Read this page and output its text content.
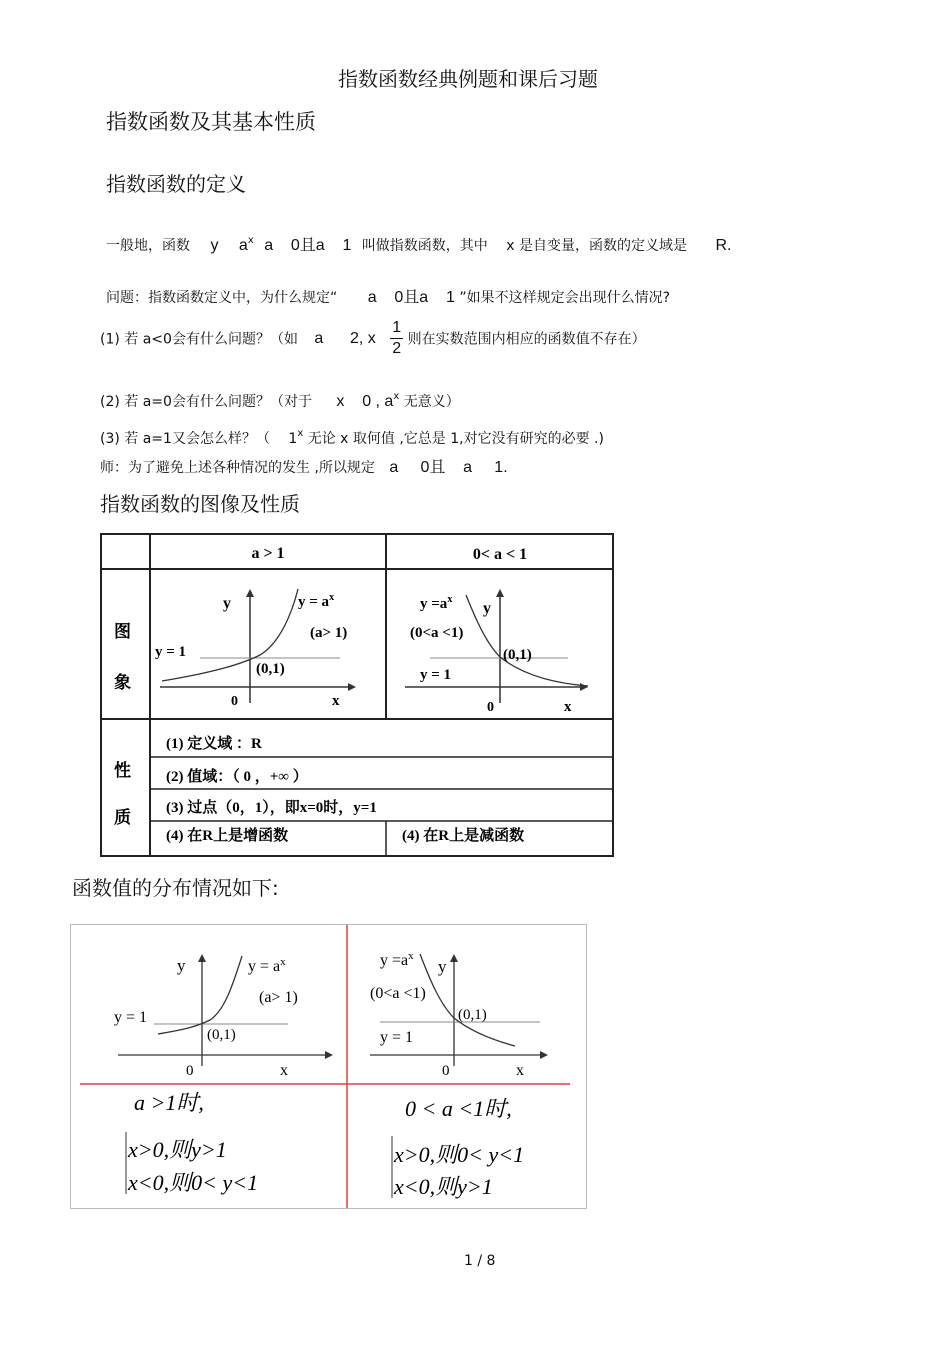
指数函数经典例题和课后习题
指数函数及其基本性质
指数函数的定义
一般地，函数 y $a^x$ a    0且a    1 叫做指数函数，其中 x 是自变量，函数的定义域是 R.
问题：指数函数定义中，为什么规定“ a    0且a    1 ”如果不这样规定会出现什么情况?
(1) 若 a<0会有什么问题？（如 a      2, x $\frac{1}{2}$ 则在实数范围内相应的函数值不存在）
(2) 若 a=0会有什么问题？（对于 x    0 , $a^x$ 无意义）
(3) 若 a=1又会怎么样？（ 1$^x$ 无论 x 取何值 ,它总是 1,对它没有研究的必要 .)
师：为了避免上述各种情况的发生 ,所以规定 a     0且    a     1.
指数函数的图像及性质
a > 1	0< a < 1
图
象
性
质
y
x
0
$y = a^x$
(a> 1)
y = 1
(0,1)
$y =a^x$
y
(0<a <1)
(0,1)
y = 1
0	x
(1) 定义域 ：R
(2) 值域：（ 0 ，+∞ ）
(3) 过点（0，1），即x=0时，y=1
(4) 在R上是增函数	(4) 在R上是减函数
函数值的分布情况如下:
y	$y = a^x$
(a> 1)
y = 1
(0,1)
0	x
$y =a^x$
y
(0<a <1)
(0,1)
y = 1
0	x
a >1时,
x>0,则y>1
x<0,则0< y<1
0 < a <1时,
x>0,则0< y<1
x<0,则y>1
1 / 8
